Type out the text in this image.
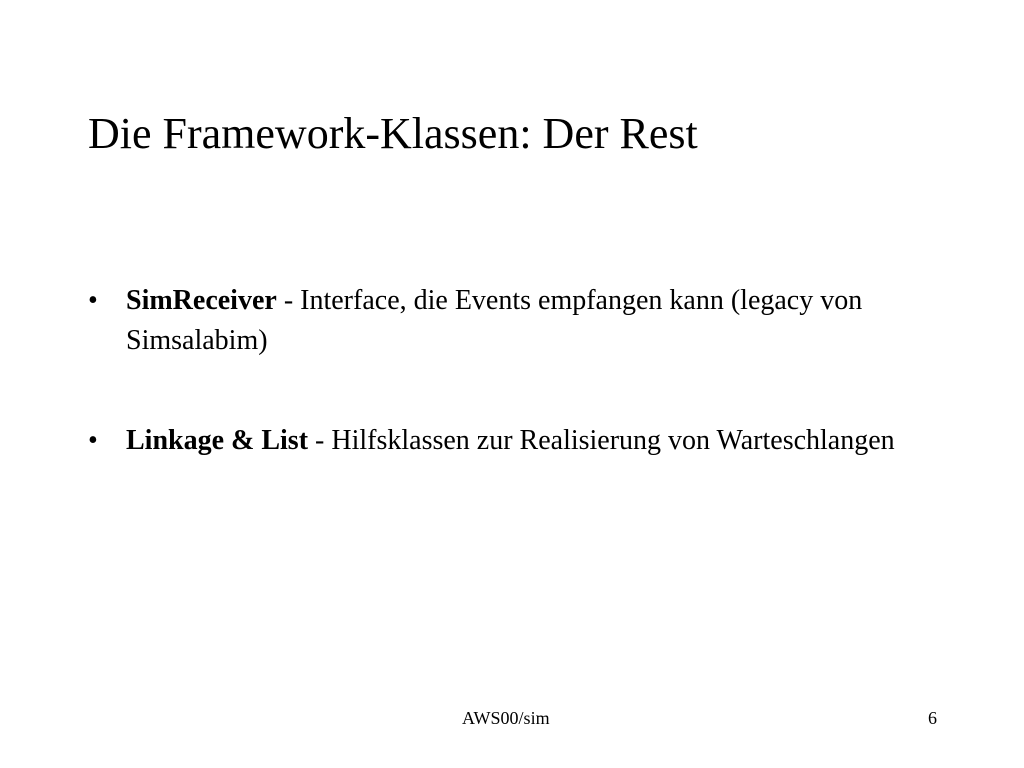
Die Framework-Klassen: Der Rest
• SimReceiver - Interface, die Events empfangen kann (legacy von Simsalabim)
• Linkage & List - Hilfsklassen zur Realisierung von Warteschlangen
AWS00/sim	6
